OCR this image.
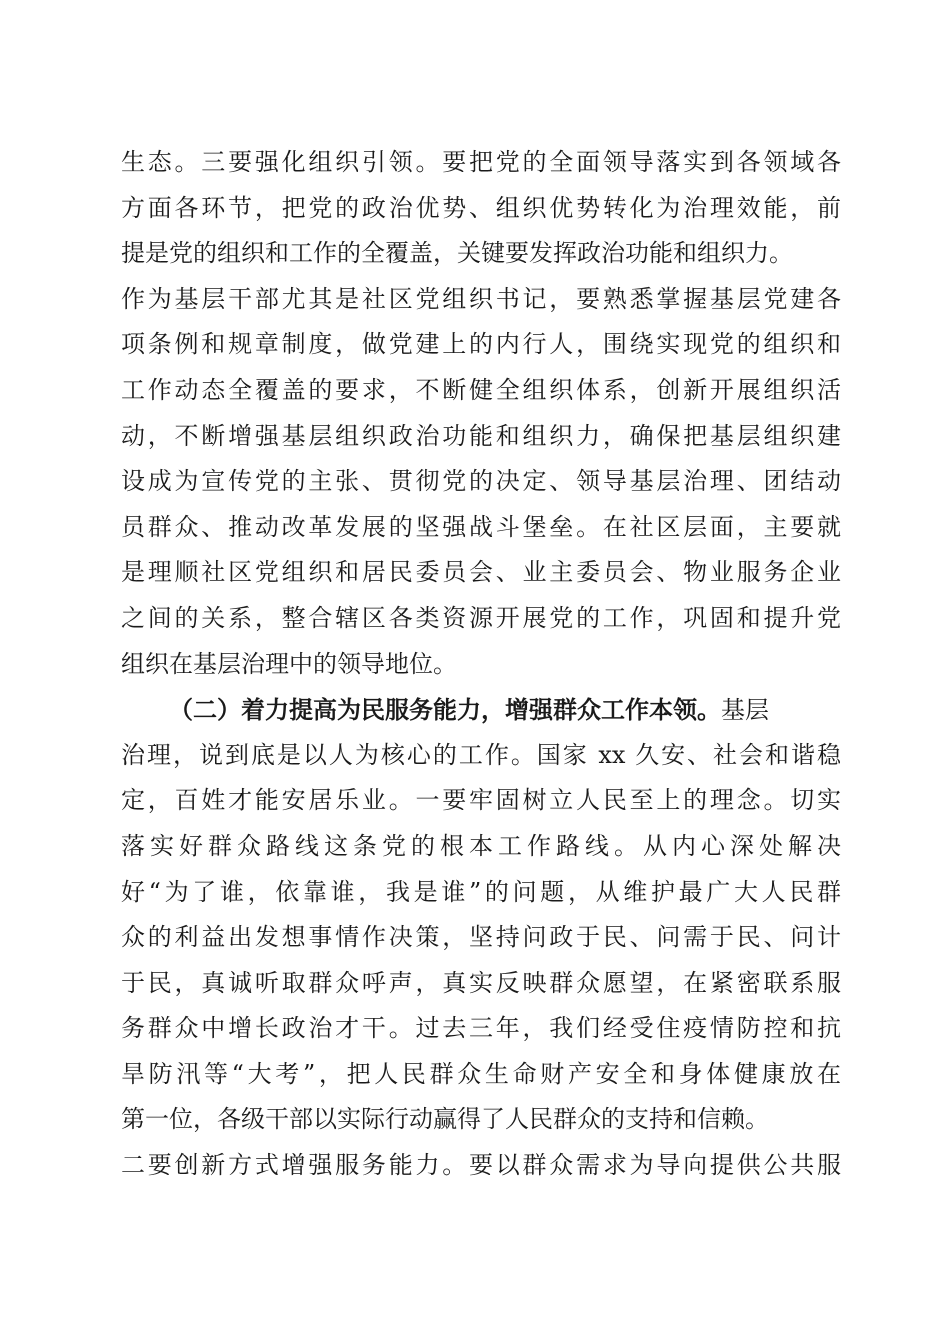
生态。三要强化组织引领。要把党的全面领导落实到各领域各
方面各环节，把党的政治优势、组织优势转化为治理效能，前
提是党的组织和工作的全覆盖，关键要发挥政治功能和组织力。
作为基层干部尤其是社区党组织书记，要熟悉掌握基层党建各
项条例和规章制度，做党建上的内行人，围绕实现党的组织和
工作动态全覆盖的要求，不断健全组织体系，创新开展组织活
动，不断增强基层组织政治功能和组织力，确保把基层组织建
设成为宣传党的主张、贯彻党的决定、领导基层治理、团结动
员群众、推动改革发展的坚强战斗堡垒。在社区层面，主要就
是理顺社区党组织和居民委员会、业主委员会、物业服务企业
之间的关系，整合辖区各类资源开展党的工作，巩固和提升党
组织在基层治理中的领导地位。
（二）着力提高为民服务能力，增强群众工作本领。基层
治理，说到底是以人为核心的工作。国家 xx 久安、社会和谐稳
定，百姓才能安居乐业。一要牢固树立人民至上的理念。切实
落实好群众路线这条党的根本工作路线。从内心深处解决
好“为了谁，依靠谁，我是谁”的问题，从维护最广大人民群
众的利益出发想事情作决策，坚持问政于民、问需于民、问计
于民，真诚听取群众呼声，真实反映群众愿望，在紧密联系服
务群众中增长政治才干。过去三年，我们经受住疫情防控和抗
旱防汛等“大考”，把人民群众生命财产安全和身体健康放在
第一位，各级干部以实际行动赢得了人民群众的支持和信赖。
二要创新方式增强服务能力。要以群众需求为导向提供公共服
